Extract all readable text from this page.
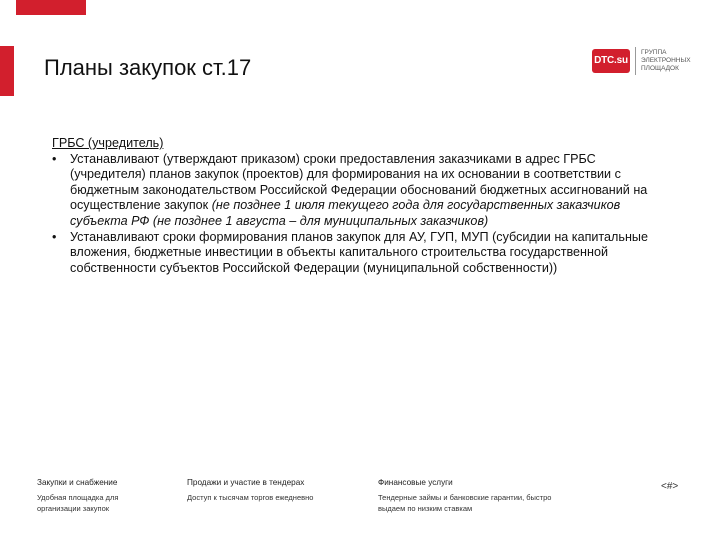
Планы закупок ст.17	DTC.su
ГРУППА ЭЛЕКТРОННЫХ ПЛОЩАДОК

ГРБС (учредитель)

• Устанавливают (утверждают приказом) сроки предоставления заказчиками в адрес ГРБС (учредителя) планов закупок (проектов) для формирования на их основании в соответствии с бюджетным законодательством Российской Федерации обоснований бюджетных ассигнований на осуществление закупок (не позднее 1 июля текущего года для государственных заказчиков субъекта РФ (не позднее 1 августа – для муниципальных заказчиков)
• Устанавливают сроки формирования планов закупок для АУ, ГУП, МУП (субсидии на капитальные вложения, бюджетные инвестиции в объекты капитального строительства государственной собственности субъектов Российской Федерации (муниципальной собственности))
Закупки и снабжение
Удобная площадка для организации закупок
Продажи и участие в тендерах
Доступ к тысячам торгов ежедневно
Финансовые услуги
Тендерные займы и банковские гарантии, быстро выдаем по низким ставкам
<#>
